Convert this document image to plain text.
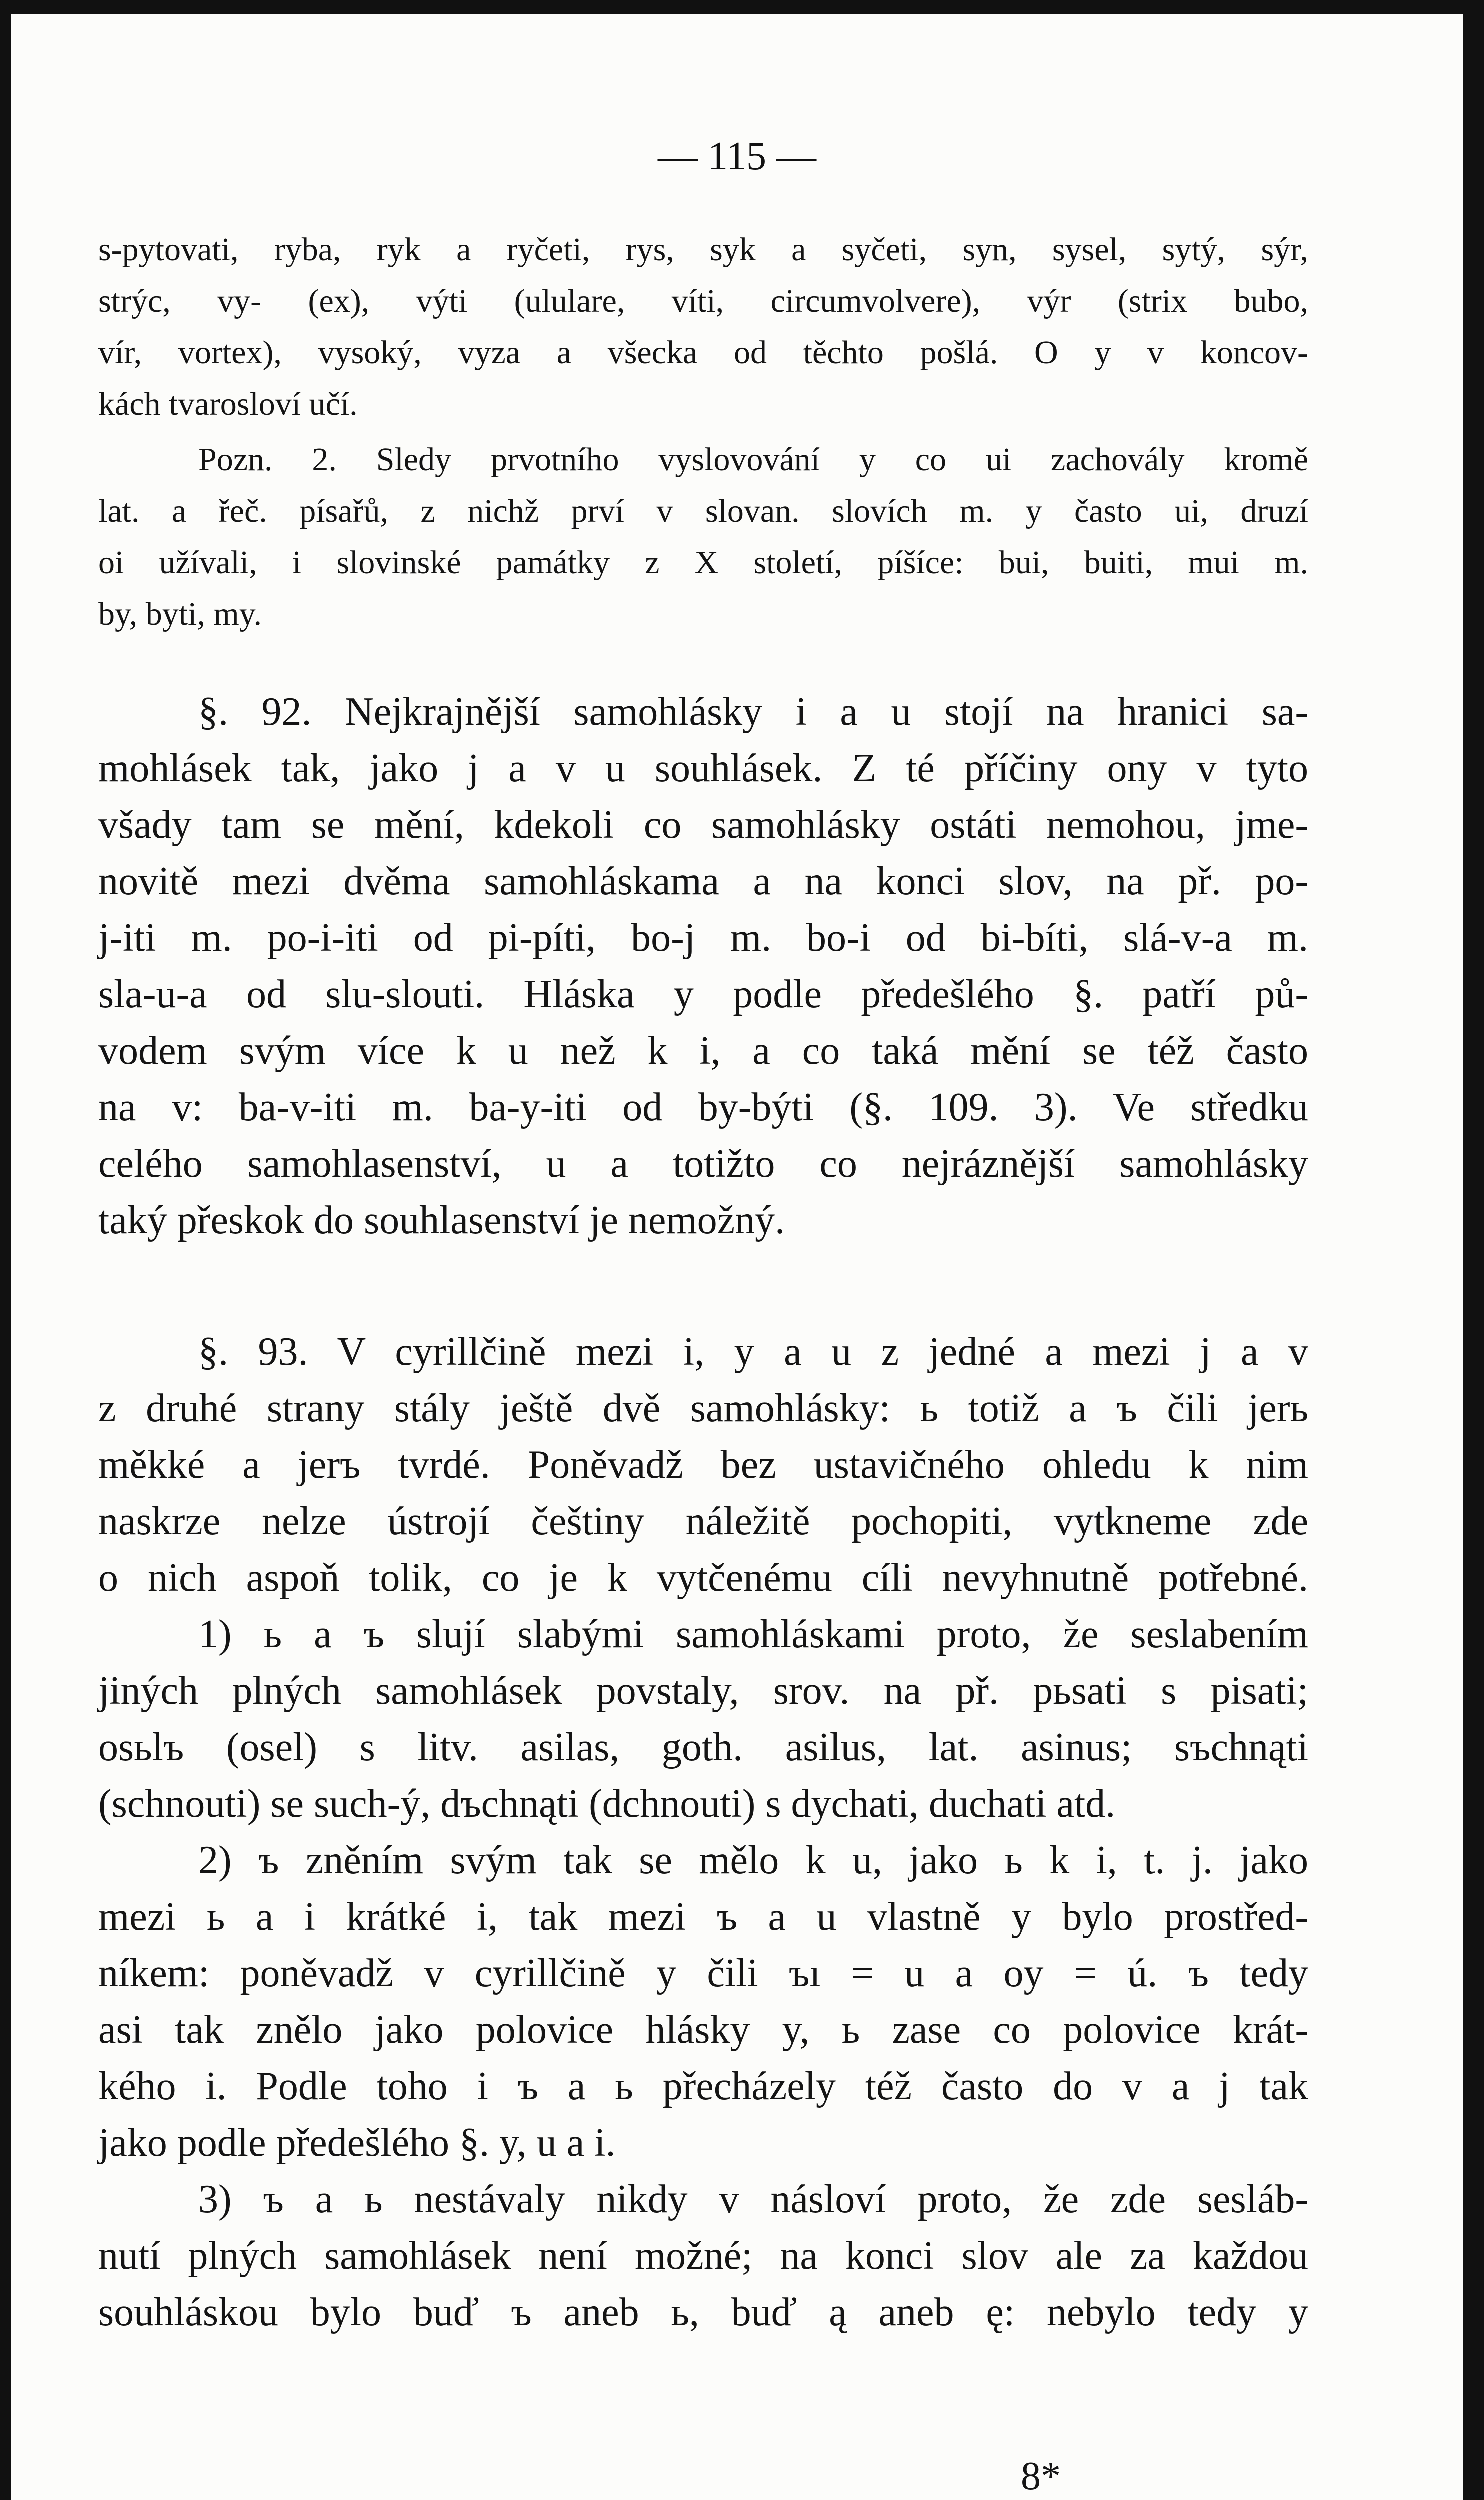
— 115 —
s-pytovati, ryba, ryk a ryčeti, rys, syk a syčeti, syn, sysel, sytý, sýr,
strýc, vy- (ex), výti (ululare, víti, circumvolvere), výr (strix bubo,
vír, vortex), vysoký, vyza a všecka od těchto pošlá. O y v koncov-
kách tvarosloví učí.
Pozn. 2. Sledy prvotního vyslovování y co ui zachovály kromě
lat. a řeč. písařů, z nichž prví v slovan. slovích m. y často ui, druzí
oi užívali, i slovinské památky z X století, píšíce: bui, buiti, mui m.
by, byti, my.
§. 92. Nejkrajnější samohlásky i a u stojí na hranici sa-
mohlásek tak, jako j a v u souhlásek. Z té příčiny ony v tyto
všady tam se mění, kdekoli co samohlásky ostáti nemohou, jme-
novitě mezi dvěma samohláskama a na konci slov, na př. po-
j-iti m. po-i-iti od pi-píti, bo-j m. bo-i od bi-bíti, slá-v-a m.
sla-u-a od slu-slouti. Hláska y podle předešlého §. patří pů-
vodem svým více k u než k i, a co taká mění se též často
na v: ba-v-iti m. ba-y-iti od by-býti (§. 109. 3). Ve středku
celého samohlasenství, u a totižto co nejráznější samohlásky
taký přeskok do souhlasenství je nemožný.
§. 93. V cyrillčině mezi i, y a u z jedné a mezi j a v
z druhé strany stály ještě dvě samohlásky: ь totiž a ъ čili jerь
měkké a jerъ tvrdé. Poněvadž bez ustavičného ohledu k nim
naskrze nelze ústrojí češtiny náležitě pochopiti, vytkneme zde
o nich aspoň tolik, co je k vytčenému cíli nevyhnutně potřebné.
1) ь a ъ slují slabými samohláskami proto, že seslabením
jiných plných samohlásek povstaly, srov. na př. pьsati s pisati;
osьlъ (osel) s litv. asilas, goth. asilus, lat. asinus; sъchnąti
(schnouti) se such-ý, dъchnąti (dchnouti) s dychati, duchati atd.
2) ъ zněním svým tak se mělo k u, jako ь k i, t. j. jako
mezi ь a i krátké i, tak mezi ъ a u vlastně y bylo prostřed-
níkem: poněvadž v cyrillčině y čili ъı = u a oy = ú. ъ tedy
asi tak znělo jako polovice hlásky y, ь zase co polovice krát-
kého i. Podle toho i ъ a ь přecházely též často do v a j tak
jako podle předešlého §. y, u a i.
3) ъ a ь nestávaly nikdy v násloví proto, že zde sesláb-
nutí plných samohlásek není možné; na konci slov ale za každou
souhláskou bylo buď ъ aneb ь, buď ą aneb ę: nebylo tedy y
8*
